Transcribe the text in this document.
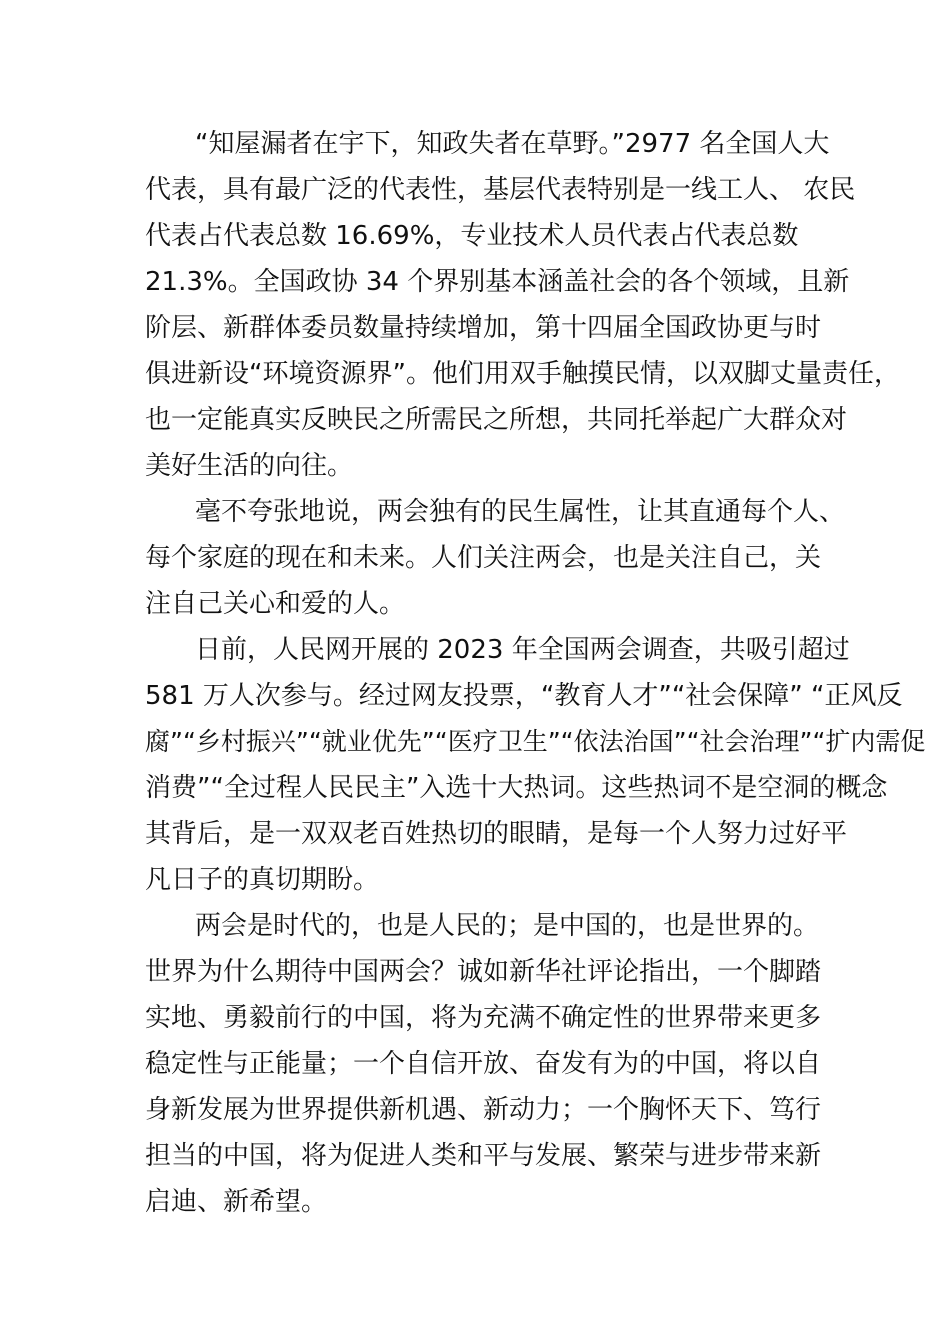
“知屋漏者在宇下，知政失者在草野。”2977 名全国人大
代表，具有最广泛的代表性，基层代表特别是一线工人、 农民
代表占代表总数 16.69%，专业技术人员代表占代表总数
21.3%。全国政协 34 个界别基本涵盖社会的各个领域，且新
阶层、新群体委员数量持续增加，第十四届全国政协更与时
俱进新设“环境资源界”。他们用双手触摸民情，以双脚丈量责任，
也一定能真实反映民之所需民之所想，共同托举起广大群众对
美好生活的向往。
毫不夸张地说，两会独有的民生属性，让其直通每个人、
每个家庭的现在和未来。人们关注两会，也是关注自己，关
注自己关心和爱的人。
日前，人民网开展的 2023 年全国两会调查，共吸引超过
581 万人次参与。经过网友投票，“教育人才”“社会保障” “正风反
腐”“乡村振兴”“就业优先”“医疗卫生”“依法治国”“社会治理”“扩内需促
消费”“全过程人民民主”入选十大热词。这些热词不是空洞的概念
其背后，是一双双老百姓热切的眼睛，是每一个人努力过好平
凡日子的真切期盼。
两会是时代的，也是人民的；是中国的，也是世界的。
世界为什么期待中国两会？诚如新华社评论指出，一个脚踏
实地、勇毅前行的中国，将为充满不确定性的世界带来更多
稳定性与正能量；一个自信开放、奋发有为的中国，将以自
身新发展为世界提供新机遇、新动力；一个胸怀天下、笃行
担当的中国，将为促进人类和平与发展、繁荣与进步带来新
启迪、新希望。
